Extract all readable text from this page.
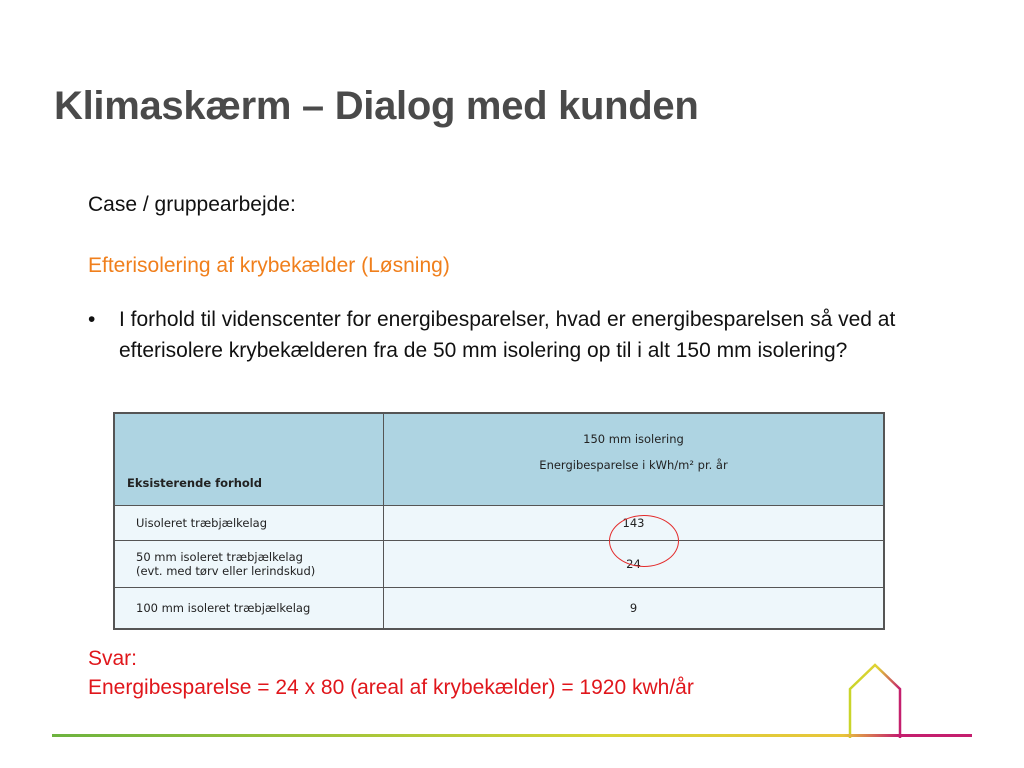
Klimaskærm – Dialog med kunden
Case / gruppearbejde:
Efterisolering af krybekælder (Løsning)
• I forhold til videnscenter for energibesparelser, hvad er energibesparelsen så ved at efterisolere krybekælderen fra de 50 mm isolering op til i alt 150 mm isolering?
Eksisterende forhold	150 mm isolering
Energibesparelse i kWh/m² pr. år

Uisoleret træbjælkelag	143
50 mm isoleret træbjælkelag
(evt. med tørv eller lerindskud)	24
100 mm isoleret træbjælkelag	9
Svar:
Energibesparelse = 24 x 80 (areal af krybekælder) = 1920 kwh/år
